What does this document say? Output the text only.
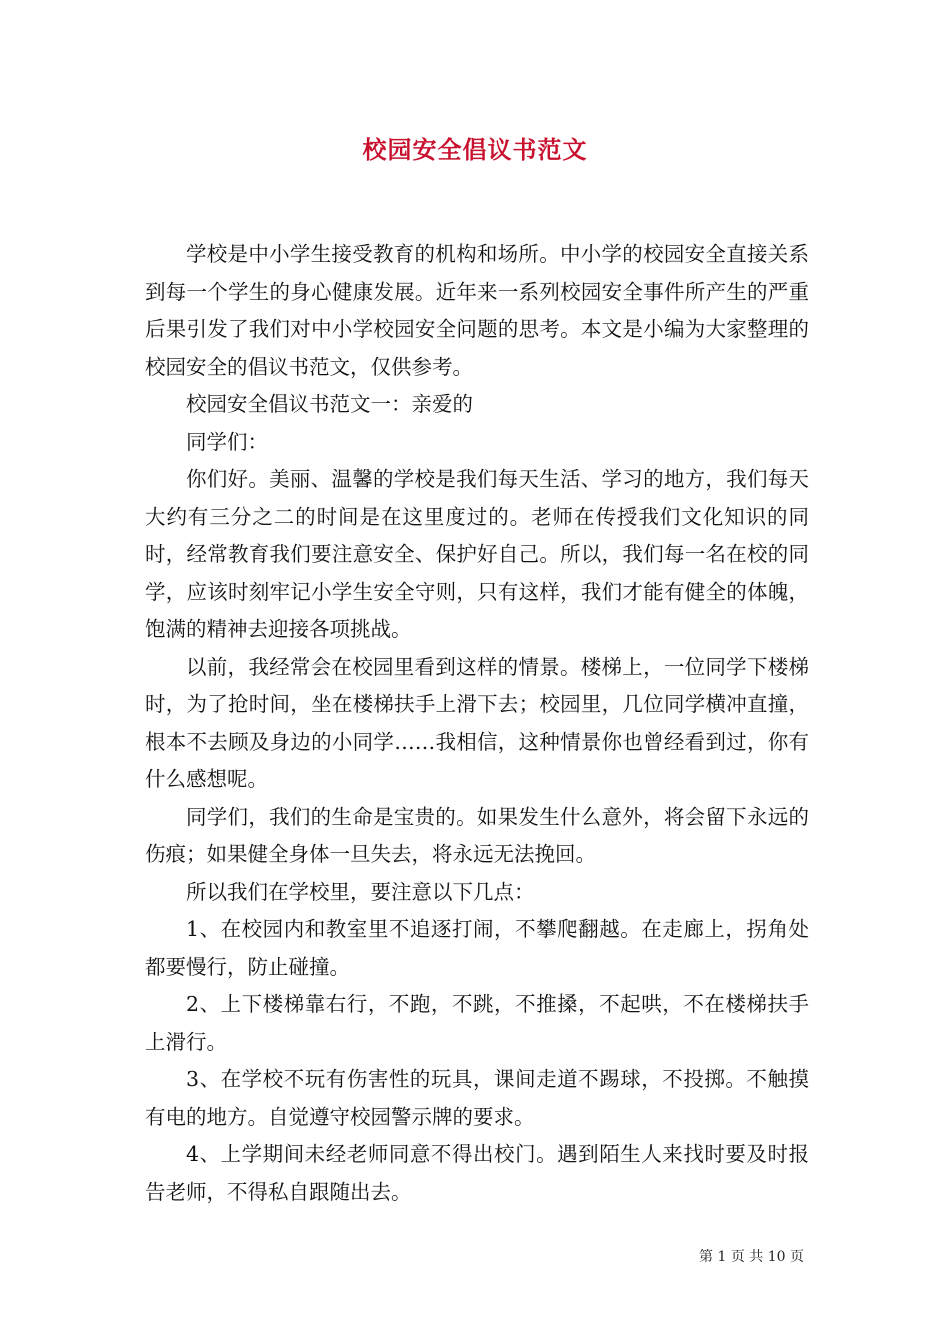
校园安全倡议书范文

学校是中小学生接受教育的机构和场所。中小学的校园安全直接关系到每一个学生的身心健康发展。近年来一系列校园安全事件所产生的严重后果引发了我们对中小学校园安全问题的思考。本文是小编为大家整理的校园安全的倡议书范文，仅供参考。

校园安全倡议书范文一：亲爱的

同学们：

你们好。美丽、温馨的学校是我们每天生活、学习的地方，我们每天大约有三分之二的时间是在这里度过的。老师在传授我们文化知识的同时，经常教育我们要注意安全、保护好自己。所以，我们每一名在校的同学，应该时刻牢记小学生安全守则，只有这样，我们才能有健全的体魄，饱满的精神去迎接各项挑战。

以前，我经常会在校园里看到这样的情景。楼梯上，一位同学下楼梯时，为了抢时间，坐在楼梯扶手上滑下去；校园里，几位同学横冲直撞，根本不去顾及身边的小同学……我相信，这种情景你也曾经看到过，你有什么感想呢。

同学们，我们的生命是宝贵的。如果发生什么意外，将会留下永远的伤痕；如果健全身体一旦失去，将永远无法挽回。

所以我们在学校里，要注意以下几点：

1、在校园内和教室里不追逐打闹，不攀爬翻越。在走廊上，拐角处都要慢行，防止碰撞。

2、上下楼梯靠右行，不跑，不跳，不推搡，不起哄，不在楼梯扶手上滑行。

3、在学校不玩有伤害性的玩具，课间走道不踢球，不投掷。不触摸有电的地方。自觉遵守校园警示牌的要求。

4、上学期间未经老师同意不得出校门。遇到陌生人来找时要及时报告老师，不得私自跟随出去。

第 1 页 共 10 页
